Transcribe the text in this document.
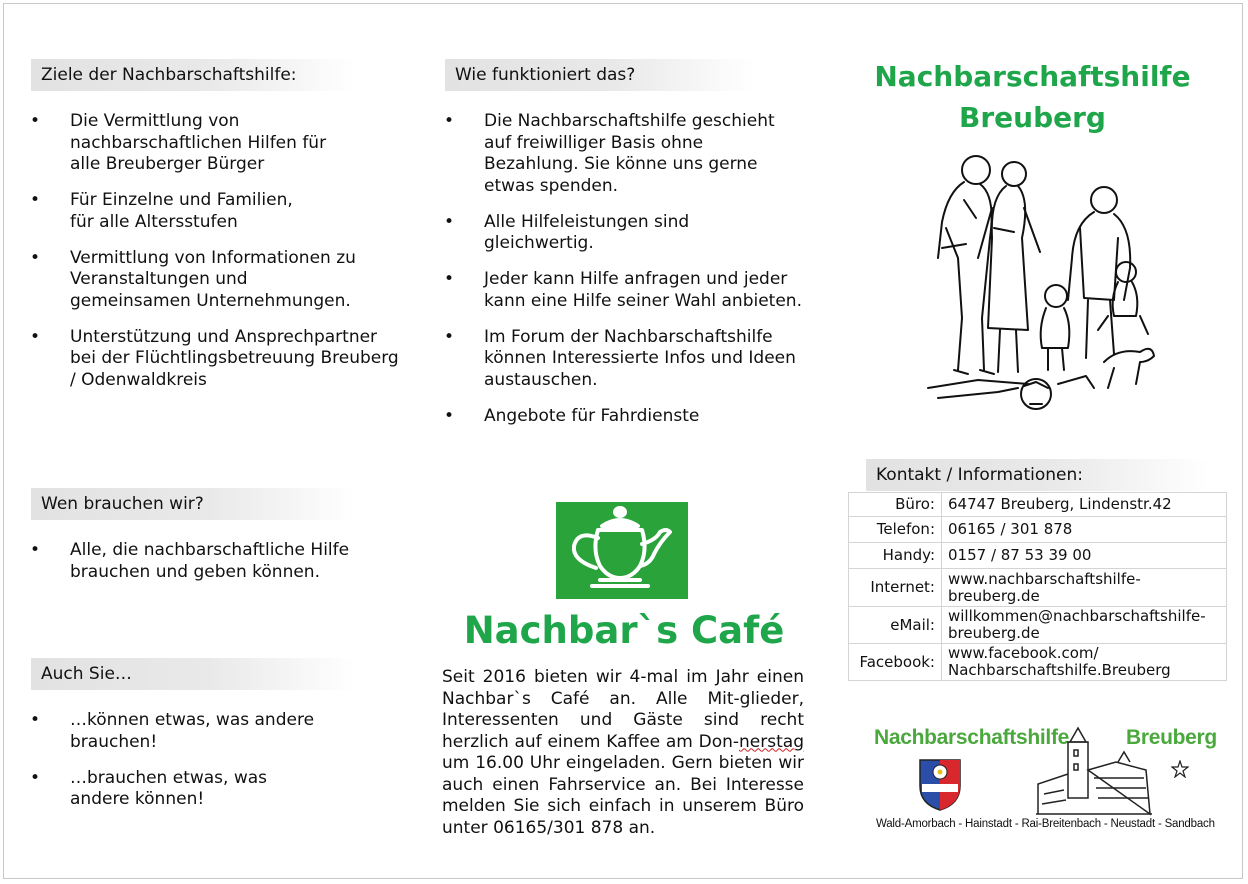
Ziele der Nachbarschaftshilfe:
• Die Vermittlung von nachbarschaftlichen Hilfen für alle Breuberger Bürger
• Für Einzelne und Familien, für alle Altersstufen
• Vermittlung von Informationen zu Veranstaltungen und gemeinsamen Unternehmungen.
• Unterstützung und Ansprechpartner bei der Flüchtlingsbetreuung Breuberg / Odenwaldkreis
Wen brauchen wir?
• Alle, die nachbarschaftliche Hilfe brauchen und geben können.
Auch Sie…
• …können etwas, was andere brauchen!
• …brauchen etwas, was andere können!
Wie funktioniert das?
• Die Nachbarschaftshilfe geschieht auf freiwilliger Basis ohne Bezahlung. Sie könne uns gerne etwas spenden.
• Alle Hilfeleistungen sind gleichwertig.
• Jeder kann Hilfe anfragen und jeder kann eine Hilfe seiner Wahl anbieten.
• Im Forum der Nachbarschaftshilfe können Interessierte Infos und Ideen austauschen.
• Angebote für Fahrdienste
Nachbar`s Café
Seit 2016 bieten wir 4-mal im Jahr einen Nachbar`s Café an. Alle Mit-glieder, Interessenten und Gäste sind recht herzlich auf einem Kaffee am Don-nerstag um 16.00 Uhr eingeladen. Gern bieten wir auch einen Fahrservice an. Bei Interesse melden Sie sich einfach in unserem Büro unter 06165/301 878 an.
Nachbarschaftshilfe
Breuberg
Kontakt / Informationen:
Büro:	64747 Breuberg, Lindenstr.42
Telefon:	06165 / 301 878
Handy:	0157 / 87 53 39 00
Internet:	www.nachbarschaftshilfe-breuberg.de
eMail:	willkommen@nachbarschaftshilfe-breuberg.de
Facebook:	www.facebook.com/ Nachbarschaftshilfe.Breuberg
Nachbarschaftshilfe	Breuberg
Wald-Amorbach - Hainstadt - Rai-Breitenbach - Neustadt - Sandbach
